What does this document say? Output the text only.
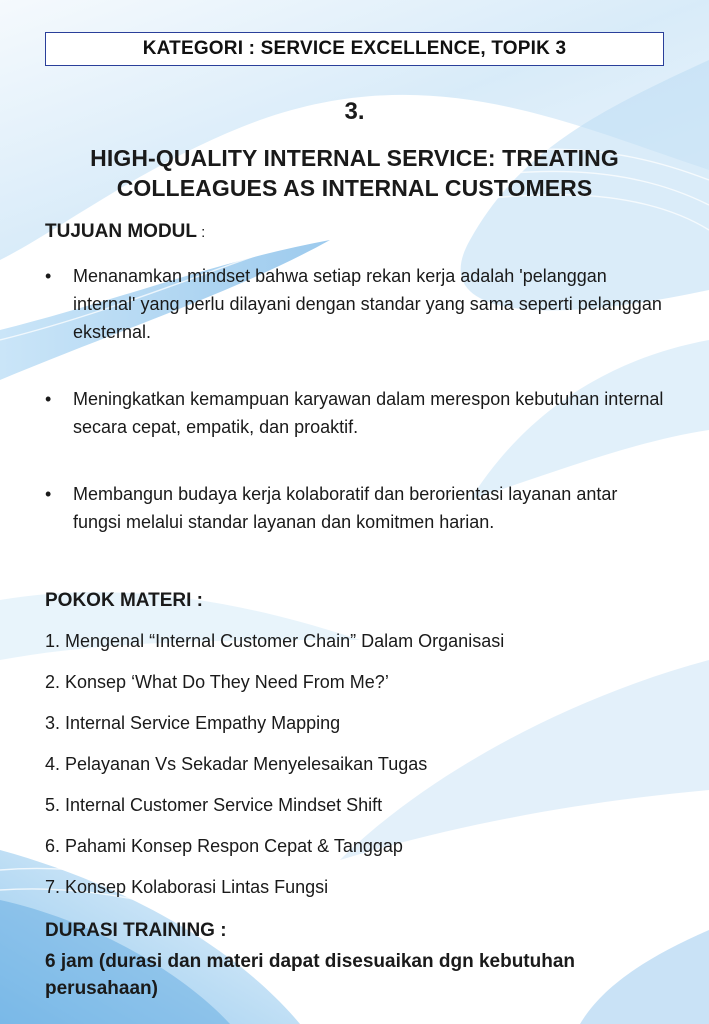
KATEGORI : SERVICE EXCELLENCE, TOPIK 3
3.
HIGH-QUALITY INTERNAL SERVICE: TREATING COLLEAGUES AS INTERNAL CUSTOMERS
TUJUAN MODUL :
• Menanamkan mindset bahwa setiap rekan kerja adalah 'pelanggan internal' yang perlu dilayani dengan standar yang sama seperti pelanggan eksternal.
• Meningkatkan kemampuan karyawan dalam merespon kebutuhan internal secara cepat, empatik, dan proaktif.
• Membangun budaya kerja kolaboratif dan berorientasi layanan antar fungsi melalui standar layanan dan komitmen harian.
POKOK MATERI :
1. Mengenal “Internal Customer Chain” Dalam Organisasi
2. Konsep ‘What Do They Need From Me?’
3. Internal Service Empathy Mapping
4. Pelayanan Vs Sekadar Menyelesaikan Tugas
5. Internal Customer Service Mindset Shift
6. Pahami Konsep Respon Cepat & Tanggap
7. Konsep Kolaborasi Lintas Fungsi
DURASI TRAINING :
6 jam (durasi dan materi dapat disesuaikan dgn kebutuhan perusahaan)
